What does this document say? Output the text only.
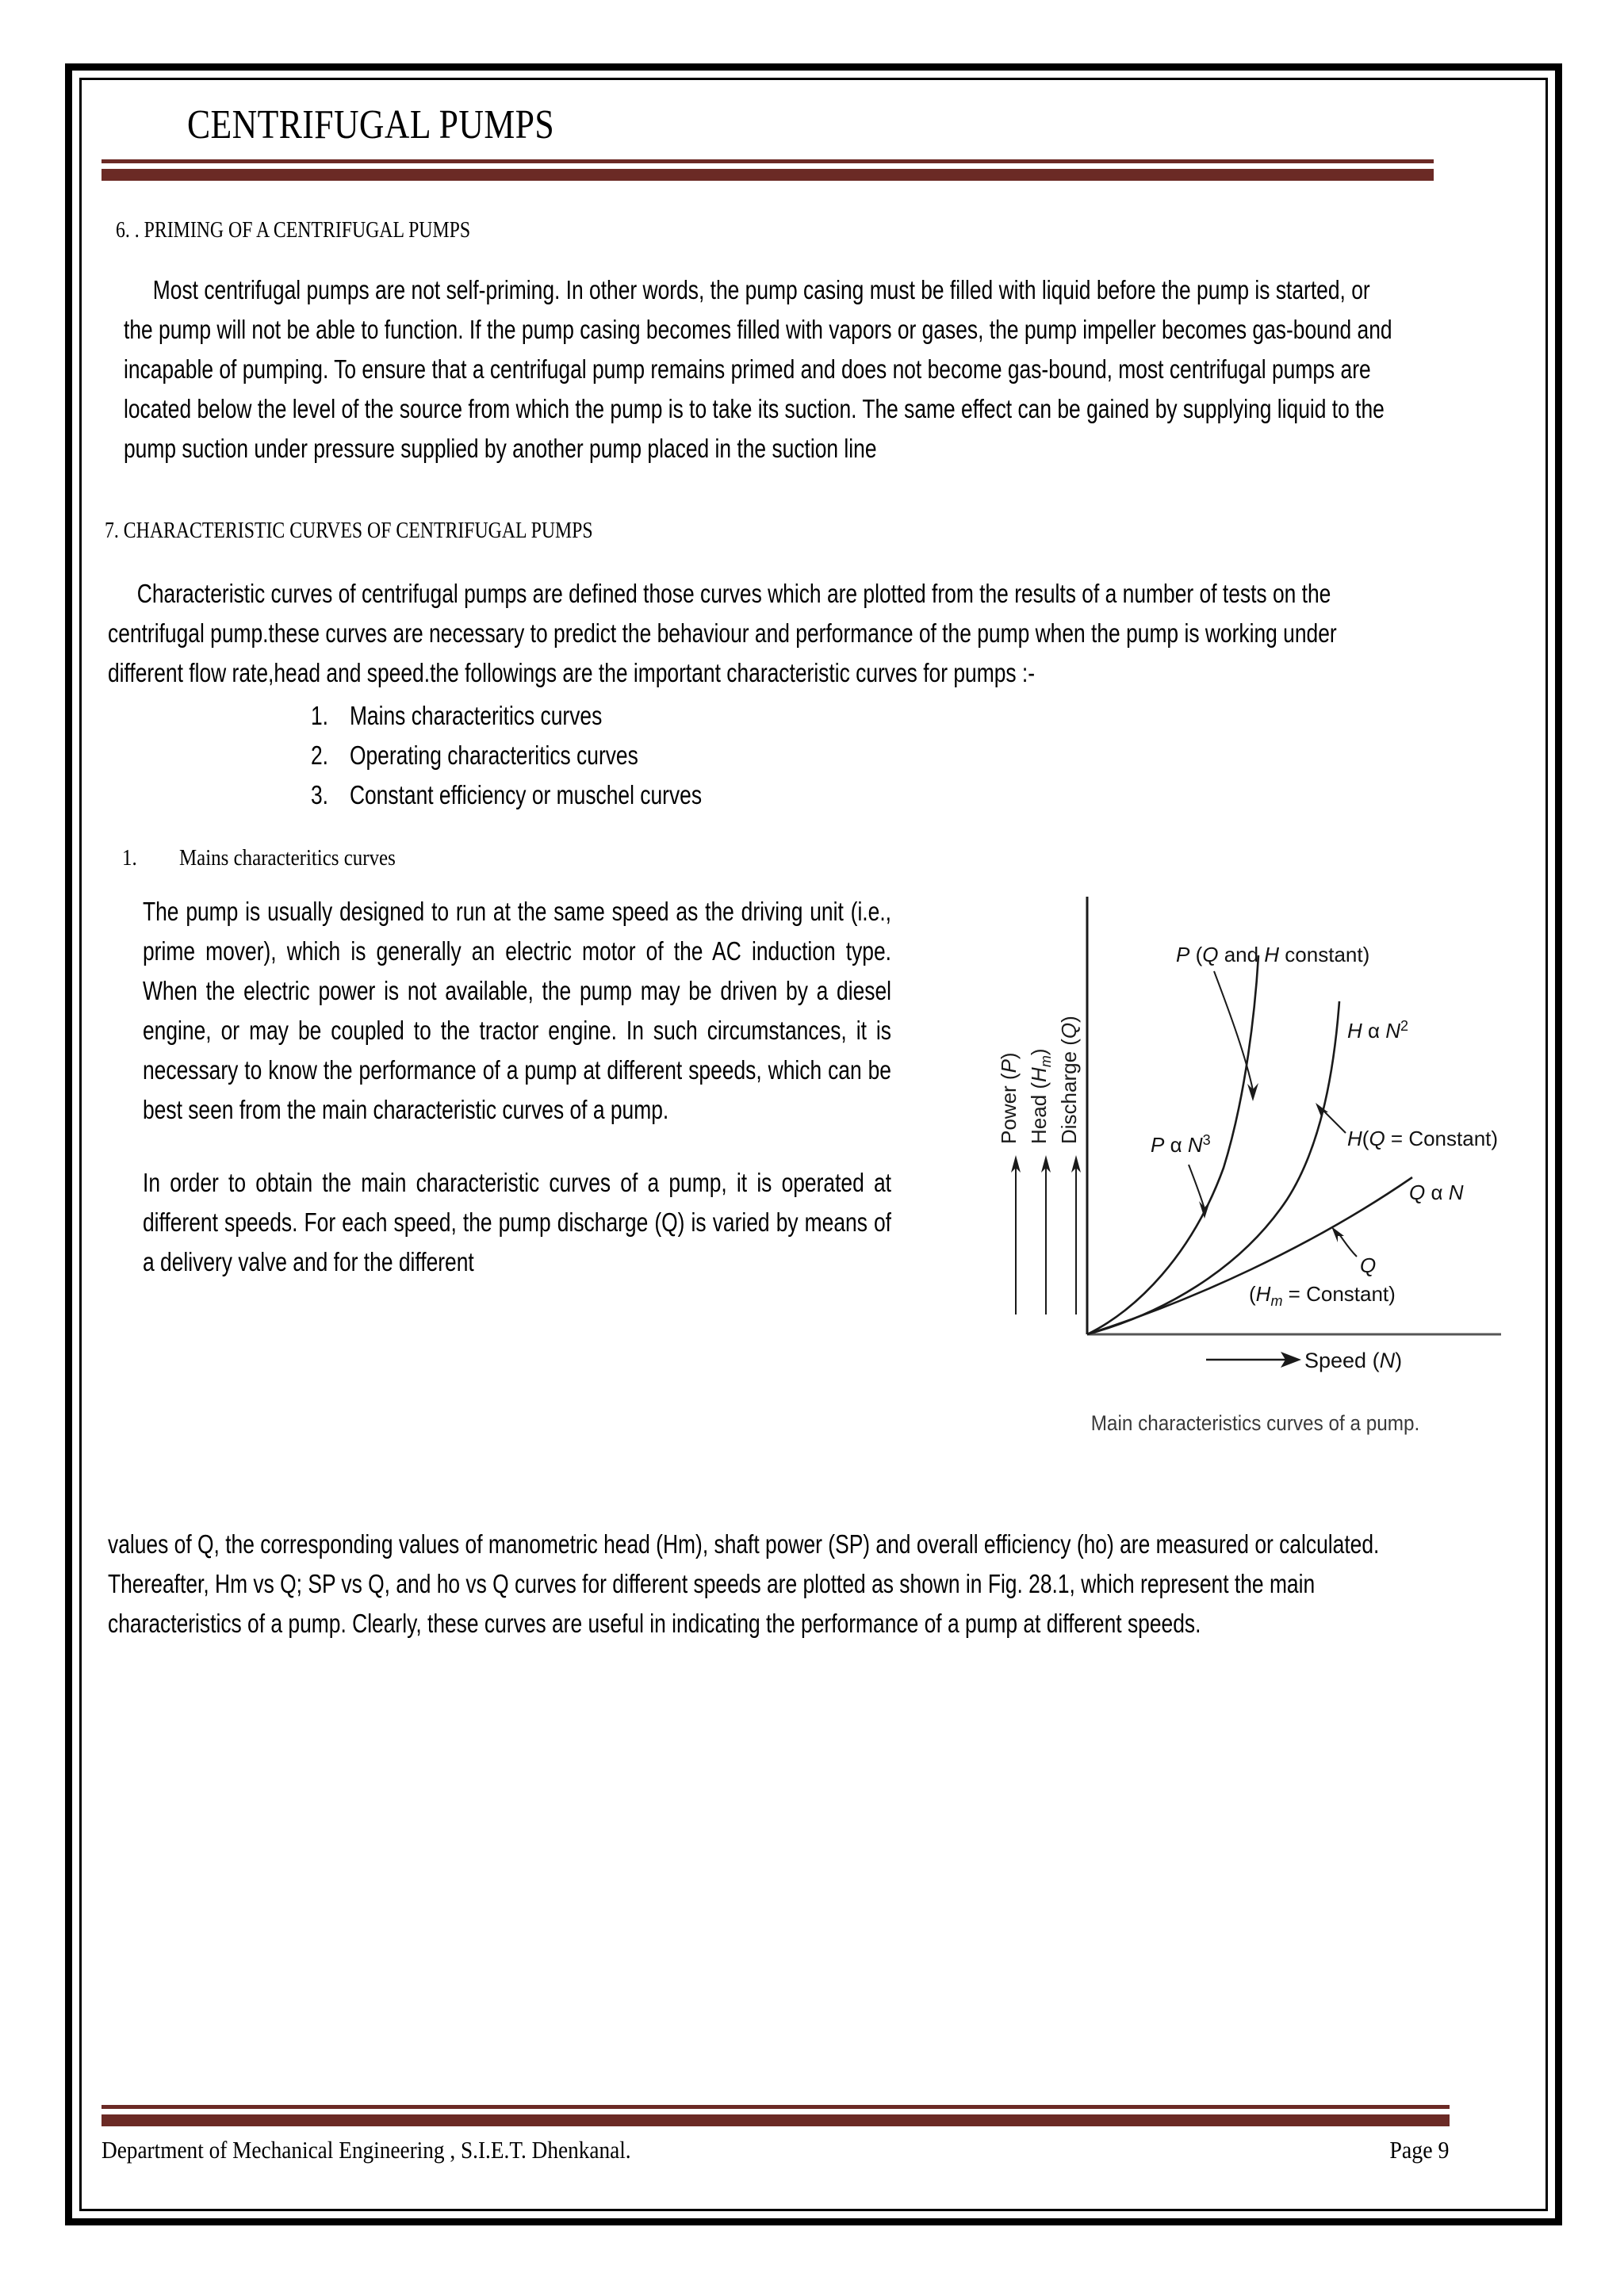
CENTRIFUGAL PUMPS
6. . PRIMING OF A CENTRIFUGAL PUMPS
Most centrifugal pumps are not self-priming. In other words, the pump casing must be filled with liquid before the pump is started, or the pump will not be able to function. If the pump casing becomes filled with vapors or gases, the pump impeller becomes gas-bound and incapable of pumping. To ensure that a centrifugal pump remains primed and does not become gas-bound, most centrifugal pumps are located below the level of the source from which the pump is to take its suction. The same effect can be gained by supplying liquid to the pump suction under pressure supplied by another pump placed in the suction line
7. CHARACTERISTIC CURVES OF CENTRIFUGAL PUMPS
Characteristic curves of centrifugal pumps are defined those curves which are plotted from the results of a number of tests on the centrifugal pump.these curves are necessary to predict the behaviour and performance of the pump when the pump is working under different flow rate,head and speed.the followings are the important characteristic curves for pumps :-
1. Mains characteritics curves
2. Operating characteritics curves
3. Constant efficiency or muschel curves
1.	Mains characteritics curves
The pump is usually designed to run at the same speed as the driving unit (i.e., prime mover), which is generally an electric motor of the AC induction type. When the electric power is not available, the pump may be driven by a diesel engine, or may be coupled to the tractor engine. In such circumstances, it is necessary to know the performance of a pump at different speeds, which can be best seen from the main characteristic curves of a pump.
In order to obtain the main characteristic curves of a pump, it is operated at different speeds. For each speed, the pump discharge (Q) is varied by means of a delivery valve and for the different
Power (P)
Head $(H_m)$ Discharge (Q)
P (Q and H constant)
H α $N^2$
P α $N^3$	H(Q = Constant)
Q α N
Q
($H_m$ = Constant)
Speed (N)
Main characteristics curves of a pump.
values of Q, the corresponding values of manometric head (Hm), shaft power (SP) and overall efficiency (ho) are measured or calculated. Thereafter, Hm vs Q; SP vs Q, and ho vs Q curves for different speeds are plotted as shown in Fig. 28.1, which represent the main characteristics of a pump. Clearly, these curves are useful in indicating the performance of a pump at different speeds.
Department of Mechanical Engineering , S.I.E.T. Dhenkanal.	Page 9
